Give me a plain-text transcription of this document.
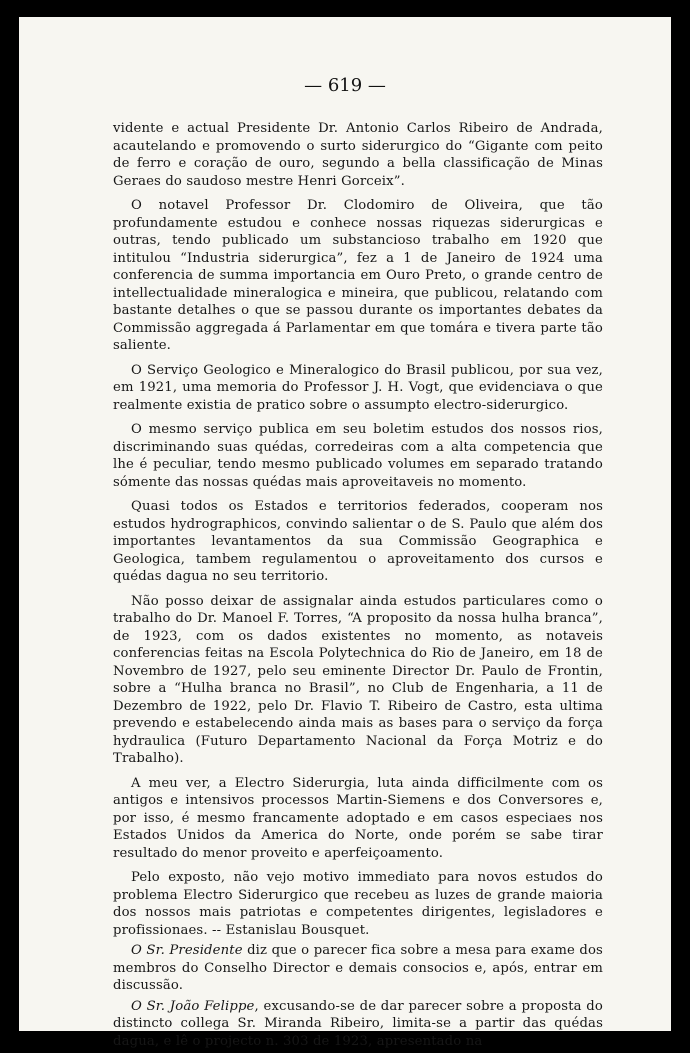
— 619 —

vidente e actual Presidente Dr. Antonio Carlos Ribeiro de Andrada, acautelando e promovendo o surto siderurgico do “Gigante com peito de ferro e coração de ouro, segundo a bella classificação de Minas Geraes do saudoso mestre Henri Gorceix”.

O notavel Professor Dr. Clodomiro de Oliveira, que tão profundamente estudou e conhece nossas riquezas siderurgicas e outras, tendo publicado um substancioso trabalho em 1920 que intitulou “Industria siderurgica”, fez a 1 de Janeiro de 1924 uma conferencia de summa importancia em Ouro Preto, o grande centro de intellectualidade mineralogica e mineira, que publicou, relatando com bastante detalhes o que se passou durante os importantes debates da Commissão aggregada á Parlamentar em que tomára e tivera parte tão saliente.

O Serviço Geologico e Mineralogico do Brasil publicou, por sua vez, em 1921, uma memoria do Professor J. H. Vogt, que evidenciava o que realmente existia de pratico sobre o assumpto electro-siderurgico.

O mesmo serviço publica em seu boletim estudos dos nossos rios, discriminando suas quédas, corredeiras com a alta competencia que lhe é peculiar, tendo mesmo publicado volumes em separado tratando sómente das nossas quédas mais aproveitaveis no momento.

Quasi todos os Estados e territorios federados, cooperam nos estudos hydrographicos, convindo salientar o de S. Paulo que além dos importantes levantamentos da sua Commissão Geographica e Geologica, tambem regulamentou o aproveitamento dos cursos e quédas dagua no seu territorio.

Não posso deixar de assignalar ainda estudos particulares como o trabalho do Dr. Manoel F. Torres, “A proposito da nossa hulha branca”, de 1923, com os dados existentes no momento, as notaveis conferencias feitas na Escola Polytechnica do Rio de Janeiro, em 18 de Novembro de 1927, pelo seu eminente Director Dr. Paulo de Frontin, sobre a “Hulha branca no Brasil”, no Club de Engenharia, a 11 de Dezembro de 1922, pelo Dr. Flavio T. Ribeiro de Castro, esta ultima prevendo e estabelecendo ainda mais as bases para o serviço da força hydraulica (Futuro Departamento Nacional da Força Motriz e do Trabalho).

A meu ver, a Electro Siderurgia, luta ainda difficilmente com os antigos e intensivos processos Martin-Siemens e dos Conversores e, por isso, é mesmo francamente adoptado e em casos especiaes nos Estados Unidos da America do Norte, onde porém se sabe tirar resultado do menor proveito e aperfeiçoamento.

Pelo exposto, não vejo motivo immediato para novos estudos do problema Electro Siderurgico que recebeu as luzes de grande maioria dos nossos mais patriotas e competentes dirigentes, legisladores e profissionaes. -- Estanislau Bousquet.

O Sr. Presidente diz que o parecer fica sobre a mesa para exame dos membros do Conselho Director e demais consocios e, após, entrar em discussão.

O Sr. João Felippe, excusando-se de dar parecer sobre a proposta do distincto collega Sr. Miranda Ribeiro, limita-se a partir das quédas dagua, e lê o projecto n. 303 de 1923, apresentado na
